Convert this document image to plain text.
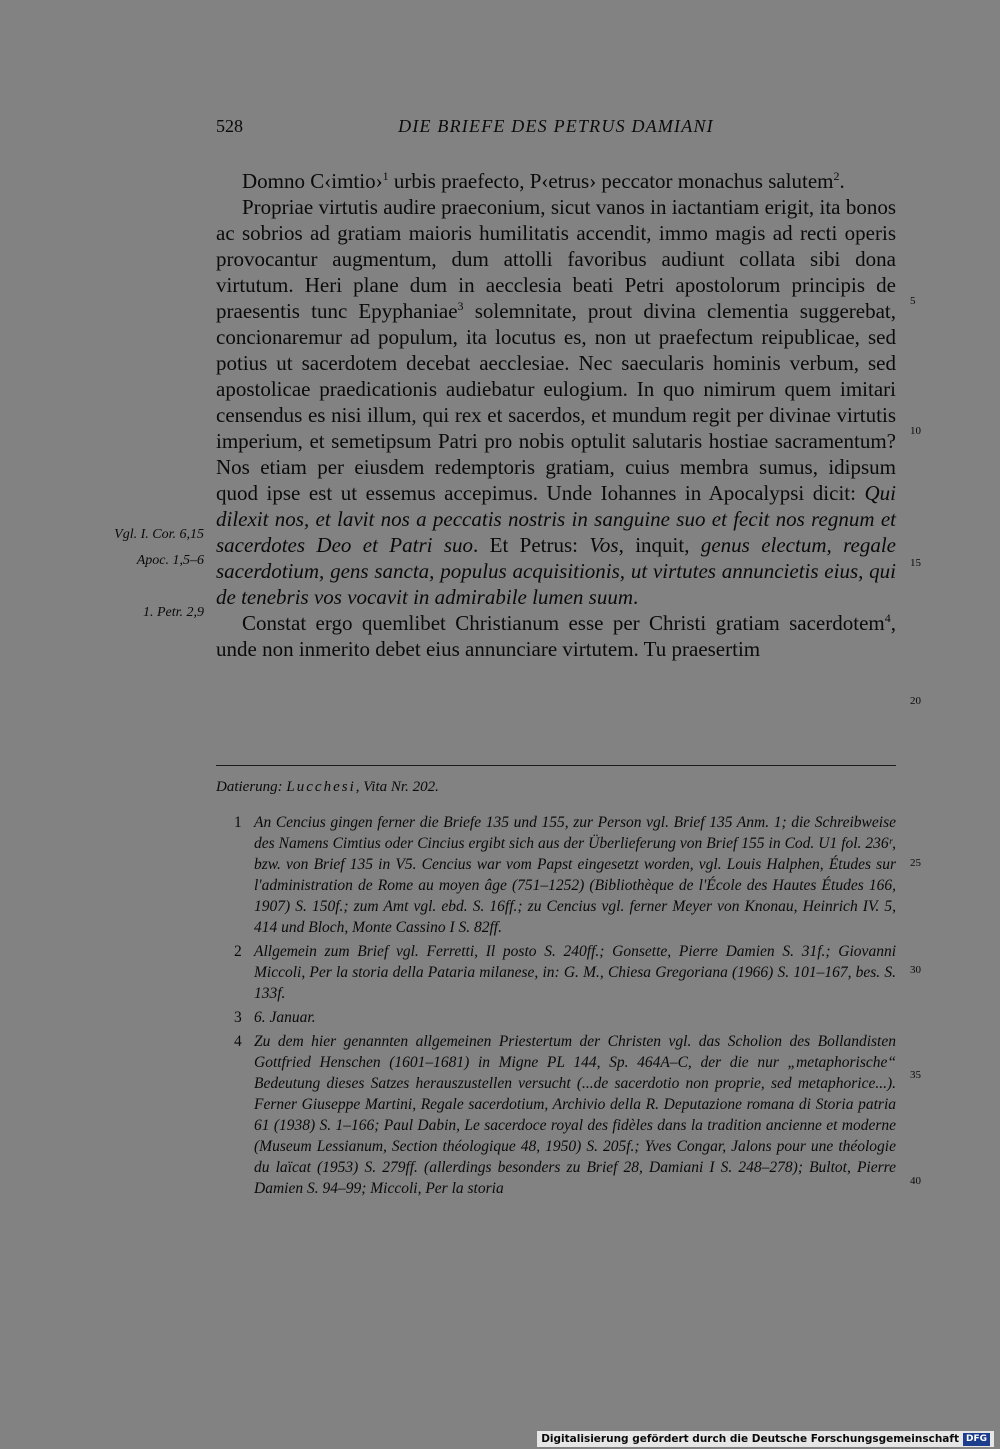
528	DIE BRIEFE DES PETRUS DAMIANI

Domno C‹imtio›$^1$ urbis praefecto, P‹etrus› peccator monachus salutem$^2$.

Propriae virtutis audire praeconium, sicut vanos in iactantiam erigit, ita bonos ac sobrios ad gratiam maioris humilitatis accendit, immo magis ad recti operis provocantur augmentum, dum attolli favoribus audiunt collata sibi dona virtutum. Heri plane dum in aecclesia beati Petri apostolorum principis de praesentis tunc Epyphaniae$^3$ solemnitate, prout divina clementia suggerebat, concionaremur ad populum, ita locutus es, non ut praefectum reipublicae, sed potius ut sacerdotem decebat aecclesiae. Nec saecularis hominis verbum, sed apostolicae praedicationis audiebatur eulogium. In quo nimirum quem imitari censendus es nisi illum, qui rex et sacerdos, et mundum regit per divinae virtutis imperium, et semetipsum Patri pro nobis optulit salutaris hostiae sacramentum? Nos etiam per eiusdem redemptoris gratiam, cuius membra sumus, idipsum quod ipse est ut essemus accepimus. Unde Iohannes in Apocalypsi dicit: Qui dilexit nos, et lavit nos a peccatis nostris in sanguine suo et fecit nos regnum et sacerdotes Deo et Patri suo. Et Petrus: Vos, inquit, genus electum, regale sacerdotium, gens sancta, populus acquisitionis, ut virtutes annuncietis eius, qui de tenebris vos vocavit in admirabile lumen suum.

Constat ergo quemlibet Christianum esse per Christi gratiam sacerdotem$^4$, unde non inmerito debet eius annunciare virtutem. Tu praesertim

Vgl. I. Cor. 6,15
Apoc. 1,5–6
1. Petr. 2,9
5
10
15
20
25
30
35
40
Datierung: Lucchesi, Vita Nr. 202.
1 An Cencius gingen ferner die Briefe 135 und 155, zur Person vgl. Brief 135 Anm. 1; die Schreibweise des Namens Cimtius oder Cincius ergibt sich aus der Überlieferung von Brief 155 in Cod. U1 fol. 236ʳ, bzw. von Brief 135 in V5. Cencius war vom Papst eingesetzt worden, vgl. Louis Halphen, Études sur l'administration de Rome au moyen âge (751–1252) (Bibliothèque de l'École des Hautes Études 166, 1907) S. 150f.; zum Amt vgl. ebd. S. 16ff.; zu Cencius vgl. ferner Meyer von Knonau, Heinrich IV. 5, 414 und Bloch, Monte Cassino I S. 82ff.
2 Allgemein zum Brief vgl. Ferretti, Il posto S. 240ff.; Gonsette, Pierre Damien S. 31f.; Giovanni Miccoli, Per la storia della Pataria milanese, in: G. M., Chiesa Gregoriana (1966) S. 101–167, bes. S. 133f.
3 6. Januar.
4 Zu dem hier genannten allgemeinen Priestertum der Christen vgl. das Scholion des Bollandisten Gottfried Henschen (1601–1681) in Migne PL 144, Sp. 464A–C, der die nur „metaphorische“ Bedeutung dieses Satzes herauszustellen versucht (...de sacerdotio non proprie, sed metaphorice...). Ferner Giuseppe Martini, Regale sacerdotium, Archivio della R. Deputazione romana di Storia patria 61 (1938) S. 1–166; Paul Dabin, Le sacerdoce royal des fidèles dans la tradition ancienne et moderne (Museum Lessianum, Section théologique 48, 1950) S. 205f.; Yves Congar, Jalons pour une théologie du laïcat (1953) S. 279ff. (allerdings besonders zu Brief 28, Damiani I S. 248–278); Bultot, Pierre Damien S. 94–99; Miccoli, Per la storia
Digitalisierung gefördert durch die Deutsche Forschungsgemeinschaft DFG
